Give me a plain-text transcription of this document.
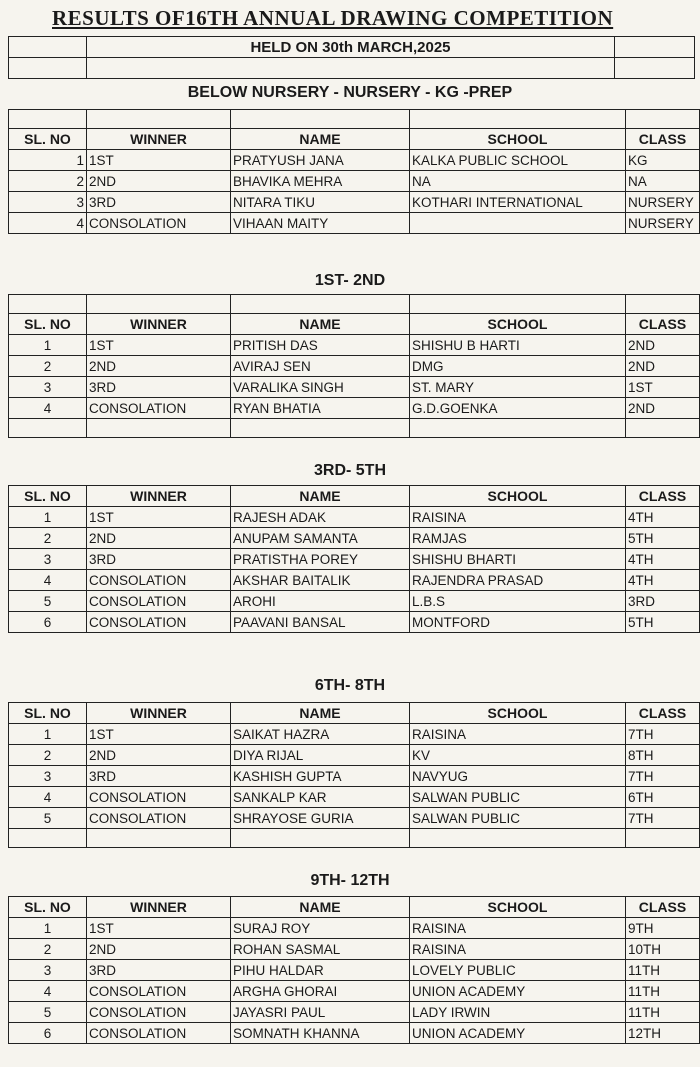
RESULTS OF16TH ANNUAL DRAWING COMPETITION
	HELD ON 30th MARCH,2025	

BELOW NURSERY - NURSERY - KG -PREP

SL. NO	WINNER	NAME	SCHOOL	CLASS
1	1ST	PRATYUSH JANA	KALKA PUBLIC SCHOOL	KG
2	2ND	BHAVIKA MEHRA	NA	NA
3	3RD	NITARA TIKU	KOTHARI INTERNATIONAL	NURSERY
4	CONSOLATION	VIHAAN MAITY		NURSERY
1ST- 2ND

SL. NO	WINNER	NAME	SCHOOL	CLASS
1	1ST	PRITISH DAS	SHISHU B HARTI	2ND
2	2ND	AVIRAJ SEN	DMG	2ND
3	3RD	VARALIKA SINGH	ST. MARY	1ST
4	CONSOLATION	RYAN BHATIA	G.D.GOENKA	2ND

3RD- 5TH
SL. NO	WINNER	NAME	SCHOOL	CLASS
1	1ST	RAJESH ADAK	RAISINA	4TH
2	2ND	ANUPAM SAMANTA	RAMJAS	5TH
3	3RD	PRATISTHA POREY	SHISHU BHARTI	4TH
4	CONSOLATION	AKSHAR BAITALIK	RAJENDRA PRASAD	4TH
5	CONSOLATION	AROHI	L.B.S	3RD
6	CONSOLATION	PAAVANI BANSAL	MONTFORD	5TH
6TH- 8TH
SL. NO	WINNER	NAME	SCHOOL	CLASS
1	1ST	SAIKAT HAZRA	RAISINA	7TH
2	2ND	DIYA RIJAL	KV	8TH
3	3RD	KASHISH GUPTA	NAVYUG	7TH
4	CONSOLATION	SANKALP KAR	SALWAN PUBLIC	6TH
5	CONSOLATION	SHRAYOSE GURIA	SALWAN PUBLIC	7TH

9TH- 12TH
SL. NO	WINNER	NAME	SCHOOL	CLASS
1	1ST	SURAJ ROY	RAISINA	9TH
2	2ND	ROHAN SASMAL	RAISINA	10TH
3	3RD	PIHU HALDAR	LOVELY PUBLIC	11TH
4	CONSOLATION	ARGHA GHORAI	UNION ACADEMY	11TH
5	CONSOLATION	JAYASRI PAUL	LADY IRWIN	11TH
6	CONSOLATION	SOMNATH KHANNA	UNION ACADEMY	12TH
